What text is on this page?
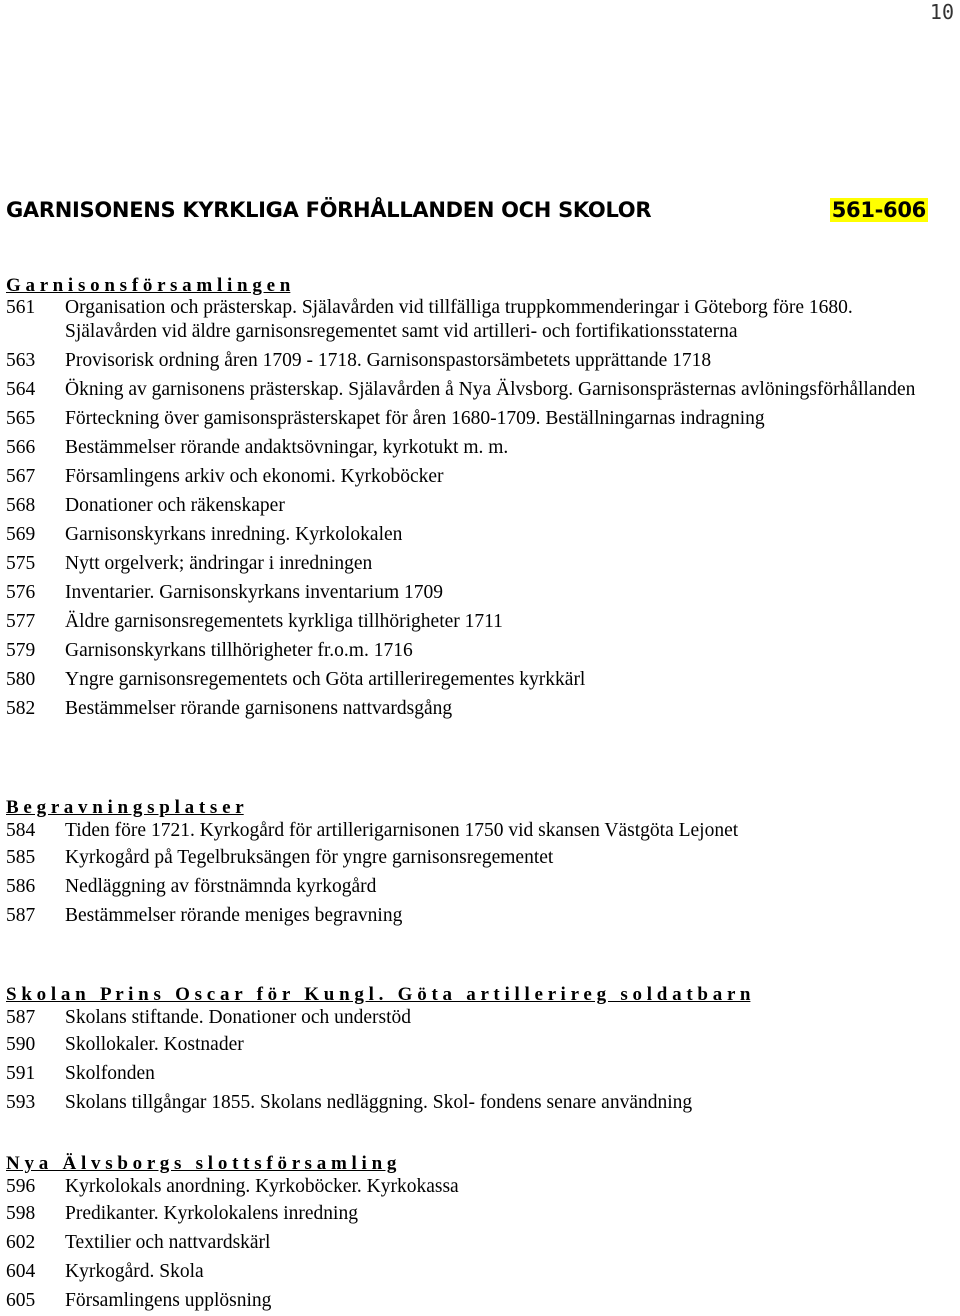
10
GARNISONENS KYRKLIGA FÖRHÅLLANDEN OCH SKOLOR	561-606
G a r n i s o n s f ö r s a m l i n g e n
561	Organisation och prästerskap. Själavården vid tillfälliga truppkommenderingar i Göteborg före 1680. Själavården vid äldre garnisonsregementet samt vid artilleri- och fortifikationsstaterna
563	Provisorisk ordning åren 1709 - 1718. Garnisonspastorsämbetets upprättande 1718
564	Ökning av garnisonens prästerskap. Själavården å Nya Älvsborg. Garnisonsprästernas avlöningsförhållanden
565	Förteckning över gamisonsprästerskapet för åren 1680-1709. Beställningarnas indragning
566	Bestämmelser rörande andaktsövningar, kyrkotukt m. m.
567	Församlingens arkiv och ekonomi. Kyrkoböcker
568	Donationer och räkenskaper
569	Garnisonskyrkans inredning. Kyrkolokalen
575	Nytt orgelverk; ändringar i inredningen
576	Inventarier. Garnisonskyrkans inventarium 1709
577	Äldre garnisonsregementets kyrkliga tillhörigheter 1711
579	Garnisonskyrkans tillhörigheter fr.o.m. 1716
580	Yngre garnisonsregementets och Göta artilleriregementes kyrkkärl
582	Bestämmelser rörande garnisonens nattvardsgång
B e g r a v n i n g s p l a t s e r
584	Tiden före 1721. Kyrkogård för artillerigarnisonen 1750 vid skansen Västgöta Lejonet
585	Kyrkogård på Tegelbruksängen för yngre garnisonsregementet
586	Nedläggning av förstnämnda kyrkogård
587	Bestämmelser rörande meniges begravning
S k o l a n   P r i n s   O s c a r   f ö r   K u n g l .   G ö t a   a r t i l l e r i r e g   s o l d a t b a r n
587	Skolans stiftande. Donationer och understöd
590	Skollokaler. Kostnader
591	Skolfonden
593	Skolans tillgångar 1855. Skolans nedläggning. Skol- fondens senare användning
N y a   Ä l v s b o r g s   s l o t t s f ö r s a m l i n g
596	Kyrkolokals anordning. Kyrkoböcker. Kyrkokassa
598	Predikanter. Kyrkolokalens inredning
602	Textilier och nattvardskärl
604	Kyrkogård. Skola
605	Församlingens upplösning
